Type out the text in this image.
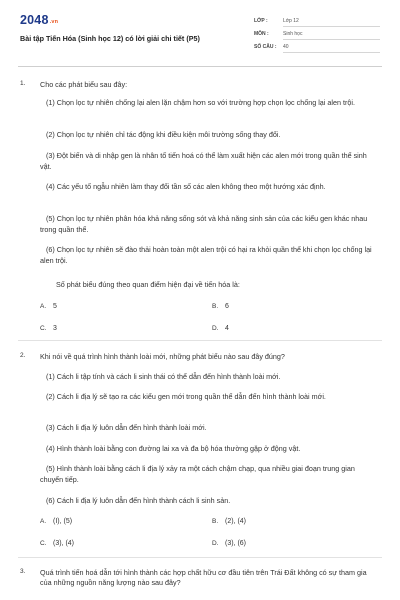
2048.vn
Bài tập Tiến Hóa (Sinh học 12) có lời giải chi tiết (P5)
LỚP :	Lớp 12
MÔN :	Sinh học
SỐ CÂU : 40
1. Cho các phát biểu sau đây:
(1) Chọn lọc tự nhiên chống lại alen lặn chậm hơn so với trường hợp chọn lọc chống lại alen trội.
(2) Chọn lọc tự nhiên chỉ tác động khi điều kiện môi trường sống thay đổi.
(3) Đột biến và di nhập gen là nhân tố tiến hoá có thể làm xuất hiện các alen mới trong quần thể sinh vật.
(4) Các yếu tố ngẫu nhiên làm thay đổi tần số các alen không theo một hướng xác định.
(5) Chọn lọc tự nhiên phân hóa khả năng sống sót và khả năng sinh sản của các kiểu gen khác nhau trong quần thể.
(6) Chọn lọc tự nhiên sẽ đào thải hoàn toàn một alen trội có hại ra khỏi quần thể khi chọn lọc chống lại alen trội.
Số phát biểu đúng theo quan điểm hiện đại về tiến hóa là:
A. 5	B. 6
C. 3	D. 4
2. Khi nói về quá trình hình thành loài mới, những phát biểu nào sau đây đúng?
(1) Cách li tập tính và cách li sinh thái có thể dẫn đến hình thành loài mới.
(2) Cách li địa lý sẽ tạo ra các kiểu gen mới trong quần thể dẫn đến hình thành loài mới.
(3) Cách li địa lý luôn dẫn đến hình thành loài mới.
(4) Hình thành loài bằng con đường lai xa và đa bộ hóa thường gặp ở động vật.
(5) Hình thành loài bằng cách li địa lý xảy ra một cách chậm chạp, qua nhiều giai đoạn trung gian chuyển tiếp.
(6) Cách li địa lý luôn dẫn đến hình thành cách li sinh sản.
A. (I), (5)	B. (2), (4)
C. (3), (4)	D. (3), (6)
3. Quá trình tiến hoá dẫn tới hình thành các hợp chất hữu cơ đầu tiên trên Trái Đất không có sự tham gia của những nguồn năng lượng nào sau đây?
